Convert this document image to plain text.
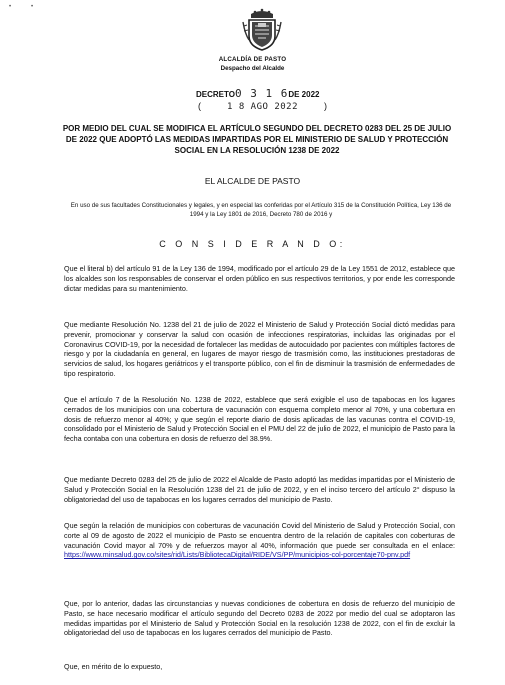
•	•
ALCALDÍA DE PASTO
Despacho del Alcalde
DECRETO0 3 1 6DE 2022
(	1 8 AGO 2022	)
POR MEDIO DEL CUAL SE MODIFICA EL ARTÍCULO SEGUNDO DEL DECRETO 0283 DEL 25 DE JULIO DE 2022 QUE ADOPTÓ LAS MEDIDAS IMPARTIDAS POR EL MINISTERIO DE SALUD Y PROTECCIÓN SOCIAL EN LA RESOLUCIÓN 1238 DE 2022
EL ALCALDE DE PASTO
En uso de sus facultades Constitucionales y legales, y en especial las conferidas por el Artículo 315 de la Constitución Política, Ley 136 de 1994 y la Ley 1801 de 2016, Decreto 780 de 2016 y
C O N S I D E R A N D O:
Que el literal b) del artículo 91 de la Ley 136 de 1994, modificado por el artículo 29 de la Ley 1551 de 2012, establece que los alcaldes son los responsables de conservar el orden público en sus respectivos territorios, y por ende les corresponde dictar medidas para su mantenimiento.
Que mediante Resolución No. 1238 del 21 de julio de 2022 el Ministerio de Salud y Protección Social dictó medidas para prevenir, promocionar y conservar la salud con ocasión de infecciones respiratorias, incluidas las originadas por el Coronavirus COVID-19, por la necesidad de fortalecer las medidas de autocuidado por pacientes con múltiples factores de riesgo y por la ciudadanía en general, en lugares de mayor riesgo de trasmisión como, las instituciones prestadoras de servicios de salud, los hogares geriátricos y el transporte público, con el fin de disminuir la trasmisión de enfermedades de tipo respiratorio.
Que el artículo 7 de la Resolución No. 1238 de 2022, establece que será exigible el uso de tapabocas en los lugares cerrados de los municipios con una cobertura de vacunación con esquema completo menor al 70%, y una cobertura en dosis de refuerzo menor al 40%; y que según el reporte diario de dosis aplicadas de las vacunas contra el COVID-19, consolidado por el Ministerio de Salud y Protección Social en el PMU del 22 de julio de 2022, el municipio de Pasto para la fecha contaba con una cobertura en dosis de refuerzo del 38.9%.
Que mediante Decreto 0283 del 25 de julio de 2022 el Alcalde de Pasto adoptó las medidas impartidas por el Ministerio de Salud y Protección Social en la Resolución 1238 del 21 de julio de 2022, y en el inciso tercero del artículo 2° dispuso la obligatoriedad del uso de tapabocas en los lugares cerrados del municipio de Pasto.
Que según la relación de municipios con coberturas de vacunación Covid del Ministerio de Salud y Protección Social, con corte al 09 de agosto de 2022 el municipio de Pasto se encuentra dentro de la relación de capitales con coberturas de vacunación Covid mayor al 70% y de refuerzos mayor al 40%, información que puede ser consultada en el enlace: https://www.minsalud.gov.co/sites/rid/Lists/BibliotecaDigital/RIDE/VS/PP/municipios-col-porcentaje70-pnv.pdf
Que, por lo anterior, dadas las circunstancias y nuevas condiciones de cobertura en dosis de refuerzo del municipio de Pasto, se hace necesario modificar el artículo segundo del Decreto 0283 de 2022 por medio del cual se adoptaron las medidas impartidas por el Ministerio de Salud y Protección Social en la resolución 1238 de 2022, con el fin de excluir la obligatoriedad del uso de tapabocas en los lugares cerrados del municipio de Pasto.
Que, en mérito de lo expuesto,
